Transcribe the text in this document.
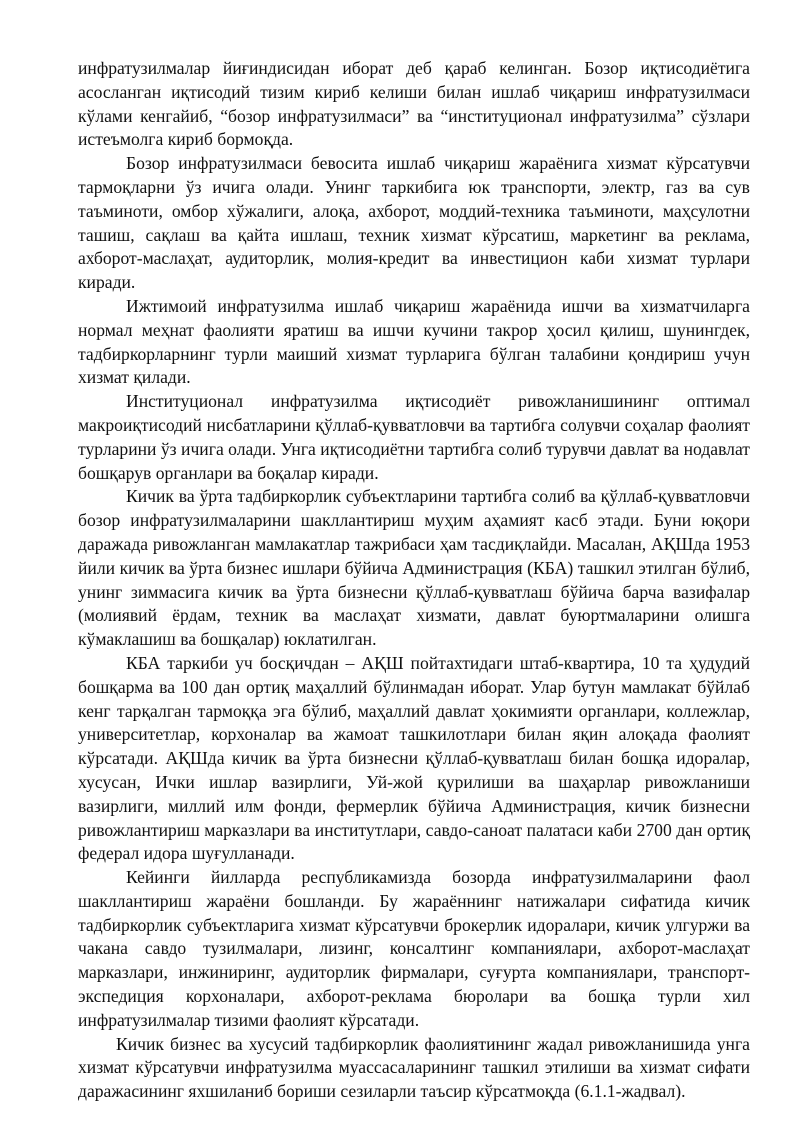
инфратузилмалар йиғиндисидан иборат деб қараб келинган. Бозор иқтисодиётига асосланган иқтисодий тизим кириб келиши билан ишлаб чиқариш инфратузилмаси кўлами кенгайиб, “бозор инфратузилмаси” ва “институционал инфратузилма” сўзлари истеъмолга кириб бормоқда.

Бозор инфратузилмаси бевосита ишлаб чиқариш жараёнига хизмат кўрсатувчи тармоқларни ўз ичига олади. Унинг таркибига юк транспорти, электр, газ ва сув таъминоти, омбор хўжалиги, алоқа, ахборот, моддий-техника таъминоти, маҳсулотни ташиш, сақлаш ва қайта ишлаш, техник хизмат кўрсатиш, маркетинг ва реклама, ахборот-маслаҳат, аудиторлик, молия-кредит ва инвестицион каби хизмат турлари киради.

Ижтимоий инфратузилма ишлаб чиқариш жараёнида ишчи ва хизматчиларга нормал меҳнат фаолияти яратиш ва ишчи кучини такрор ҳосил қилиш, шунингдек, тадбиркорларнинг турли маиший хизмат турларига бўлган талабини қондириш учун хизмат қилади.

Институционал инфратузилма иқтисодиёт ривожланишининг оптимал макроиқтисодий нисбатларини қўллаб-қувватловчи ва тартибга солувчи соҳалар фаолият турларини ўз ичига олади. Унга иқтисодиётни тартибга солиб турувчи давлат ва нодавлат бошқарув органлари ва боқалар киради.

Кичик ва ўрта тадбиркорлик субъектларини тартибга солиб ва қўллаб-қувватловчи бозор инфратузилмаларини шакллантириш муҳим аҳамият касб этади. Буни юқори даражада ривожланган мамлакатлар тажрибаси ҳам тасдиқлайди. Масалан, АҚШда 1953 йили кичик ва ўрта бизнес ишлари бўйича Администрация (КБА) ташкил этилган бўлиб, унинг зиммасига кичик ва ўрта бизнесни қўллаб-қувватлаш бўйича барча вазифалар (молиявий ёрдам, техник ва маслаҳат хизмати, давлат буюртмаларини олишга кўмаклашиш ва бошқалар) юклатилган.

КБА таркиби уч босқичдан – АҚШ пойтахтидаги штаб-квартира, 10 та ҳудудий бошқарма ва 100 дан ортиқ маҳаллий бўлинмадан иборат. Улар бутун мамлакат бўйлаб кенг тарқалган тармоққа эга бўлиб, маҳаллий давлат ҳокимияти органлари, коллежлар, университетлар, корхоналар ва жамоат ташкилотлари билан яқин алоқада фаолият кўрсатади. АҚШда кичик ва ўрта бизнесни қўллаб-қувватлаш билан бошқа идоралар, хусусан, Ички ишлар вазирлиги, Уй-жой қурилиши ва шаҳарлар ривожланиши вазирлиги, миллий илм фонди, фермерлик бўйича Администрация, кичик бизнесни ривожлантириш марказлари ва институтлари, савдо-саноат палатаси каби 2700 дан ортиқ федерал идора шуғулланади.

Кейинги йилларда республикамизда бозорда инфратузилмаларини фаол шакллантириш жараёни бошланди. Бу жараённинг натижалари сифатида кичик тадбиркорлик субъектларига хизмат кўрсатувчи брокерлик идоралари, кичик улгуржи ва чакана савдо тузилмалари, лизинг, консалтинг компаниялари, ахборот-маслаҳат марказлари, инжиниринг, аудиторлик фирмалари, суғурта компаниялари, транспорт-экспедиция корхоналари, ахборот-реклама бюролари ва бошқа турли хил инфратузилмалар тизими фаолият кўрсатади.

Кичик бизнес ва хусусий тадбиркорлик фаолиятининг жадал ривожланишида унга хизмат кўрсатувчи инфратузилма муассасаларининг ташкил этилиши ва хизмат сифати даражасининг яхшиланиб бориши сезиларли таъсир кўрсатмоқда (6.1.1-жадвал).
